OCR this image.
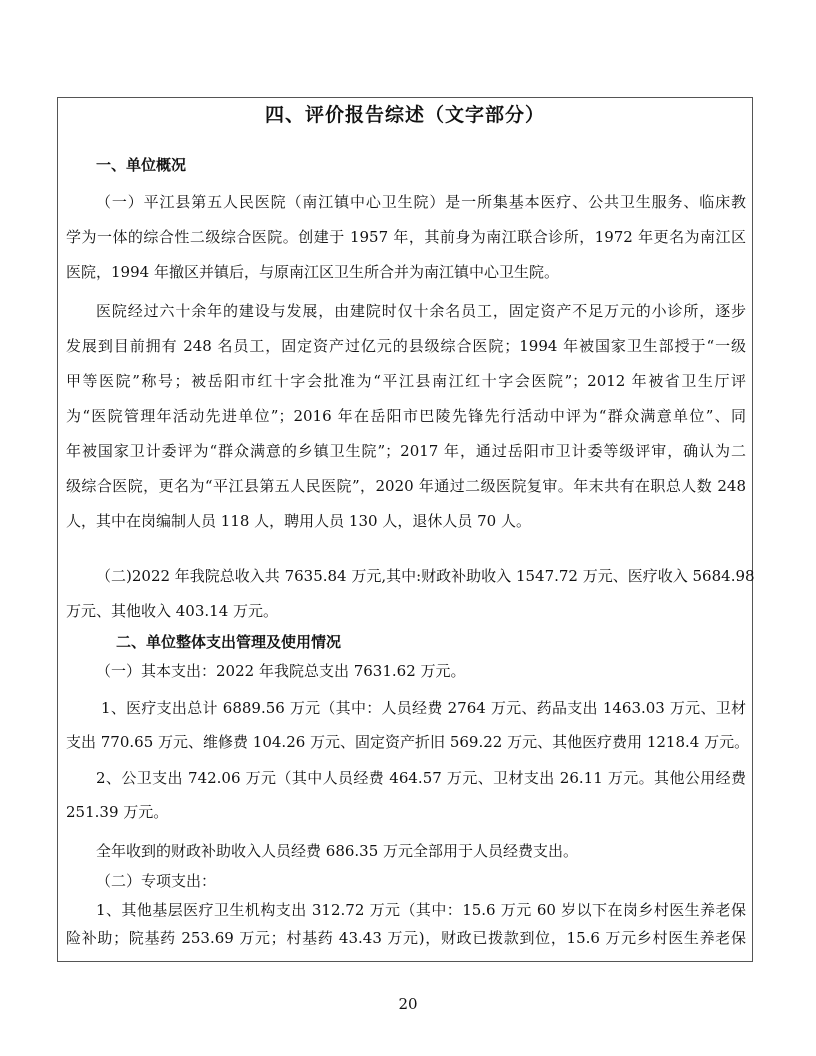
四、评价报告综述（文字部分）
一、单位概况
（一）平江县第五人民医院（南江镇中心卫生院）是一所集基本医疗、公共卫生服务、临床教
学为一体的综合性二级综合医院。创建于 1957 年，其前身为南江联合诊所，1972 年更名为南江区
医院，1994 年撤区并镇后，与原南江区卫生所合并为南江镇中心卫生院。
医院经过六十余年的建设与发展，由建院时仅十余名员工，固定资产不足万元的小诊所，逐步
发展到目前拥有 248 名员工，固定资产过亿元的县级综合医院；1994 年被国家卫生部授于“一级
甲等医院”称号；被岳阳市红十字会批准为“平江县南江红十字会医院”；2012 年被省卫生厅评
为“医院管理年活动先进单位”；2016 年在岳阳市巴陵先锋先行活动中评为“群众满意单位”、同
年被国家卫计委评为“群众满意的乡镇卫生院”；2017 年，通过岳阳市卫计委等级评审，确认为二
级综合医院，更名为“平江县第五人民医院”，2020 年通过二级医院复审。年末共有在职总人数 248
人，其中在岗编制人员 118 人，聘用人员 130 人，退休人员 70 人。
（二)2022 年我院总收入共 7635.84 万元,其中:财政补助收入 1547.72 万元、医疗收入 5684.98
万元、其他收入 403.14 万元。
二、单位整体支出管理及使用情况
（一）其本支出：2022 年我院总支出 7631.62 万元。
1、医疗支出总计 6889.56 万元（其中：人员经费 2764 万元、药品支出 1463.03 万元、卫材
支出 770.65 万元、维修费 104.26 万元、固定资产折旧 569.22 万元、其他医疗费用 1218.4 万元。
2、公卫支出 742.06 万元（其中人员经费 464.57 万元、卫材支出 26.11 万元。其他公用经费
251.39 万元。
全年收到的财政补助收入人员经费 686.35 万元全部用于人员经费支出。
（二）专项支出：
1、其他基层医疗卫生机构支出 312.72 万元（其中：15.6 万元 60 岁以下在岗乡村医生养老保
险补助；院基药 253.69 万元；村基药 43.43 万元)，财政已拨款到位，15.6 万元乡村医生养老保
20
